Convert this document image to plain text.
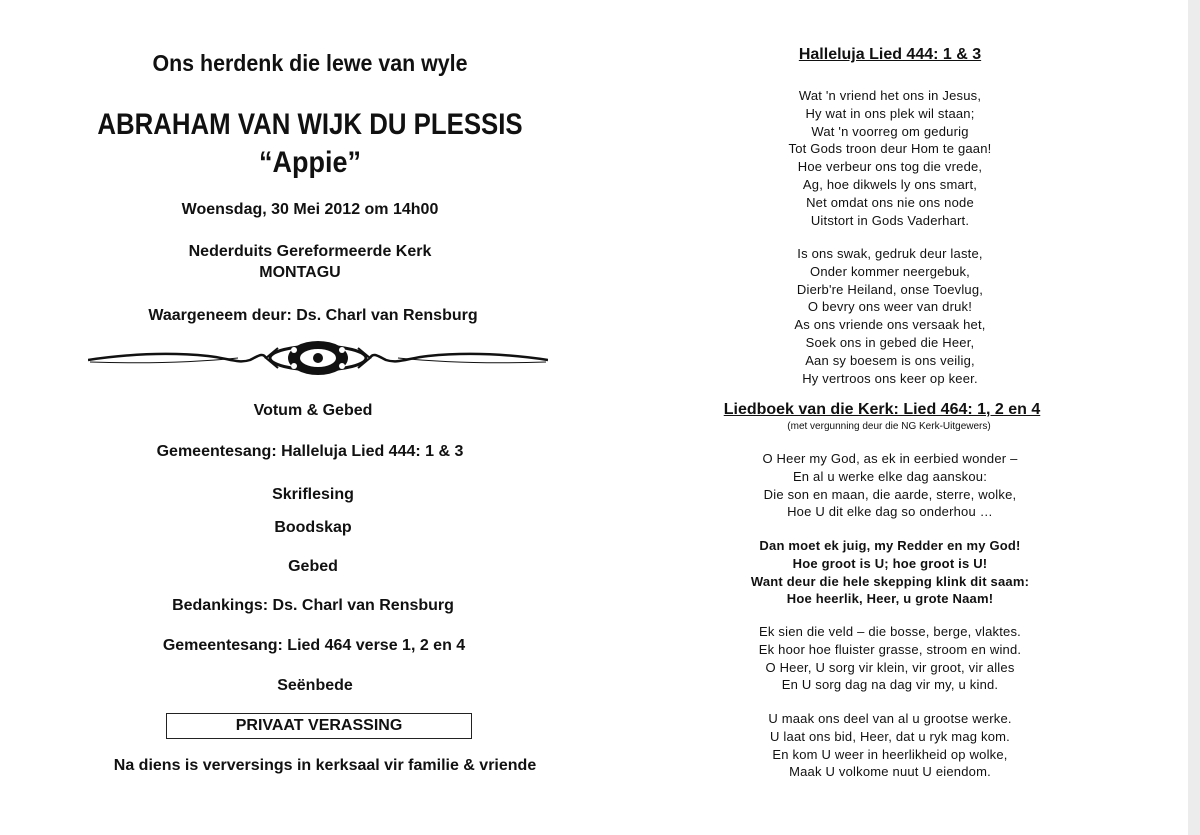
Ons herdenk die lewe van wyle
ABRAHAM VAN WIJK DU PLESSIS
“Appie”
Woensdag, 30 Mei 2012 om 14h00
Nederduits Gereformeerde Kerk
MONTAGU
Waargeneem deur: Ds. Charl van Rensburg
Votum & Gebed
Gemeentesang: Halleluja Lied 444: 1 & 3
Skriflesing
Boodskap
Gebed
Bedankings: Ds. Charl van Rensburg
Gemeentesang: Lied 464 verse 1, 2 en 4
Seënbede
PRIVAAT VERASSING
Na diens is verversings in kerksaal vir familie & vriende
Halleluja Lied 444: 1 & 3
Wat 'n vriend het ons in Jesus,
Hy wat in ons plek wil staan;
Wat 'n voorreg om gedurig
Tot Gods troon deur Hom te gaan!
Hoe verbeur ons tog die vrede,
Ag, hoe dikwels ly ons smart,
Net omdat ons nie ons node
Uitstort in Gods Vaderhart.
Is ons swak, gedruk deur laste,
Onder kommer neergebuk,
Dierb're Heiland, onse Toevlug,
O bevry ons weer van druk!
As ons vriende ons versaak het,
Soek ons in gebed die Heer,
Aan sy boesem is ons veilig,
Hy vertroos ons keer op keer.
Liedboek van die Kerk: Lied 464: 1, 2 en 4
(met vergunning deur die NG Kerk-Uitgewers)
O Heer my God, as ek in eerbied wonder –
En al u werke elke dag aanskou:
Die son en maan, die aarde, sterre, wolke,
Hoe U dit elke dag so onderhou …
Dan moet ek juig, my Redder en my God!
Hoe groot is U; hoe groot is U!
Want deur die hele skepping klink dit saam:
Hoe heerlik, Heer, u grote Naam!
Ek sien die veld – die bosse, berge, vlaktes.
Ek hoor hoe fluister grasse, stroom en wind.
O Heer, U sorg vir klein, vir groot, vir alles
En U sorg dag na dag vir my, u kind.
U maak ons deel van al u grootse werke.
U laat ons bid, Heer, dat u ryk mag kom.
En kom U weer in heerlikheid op wolke,
Maak U volkome nuut U eiendom.
